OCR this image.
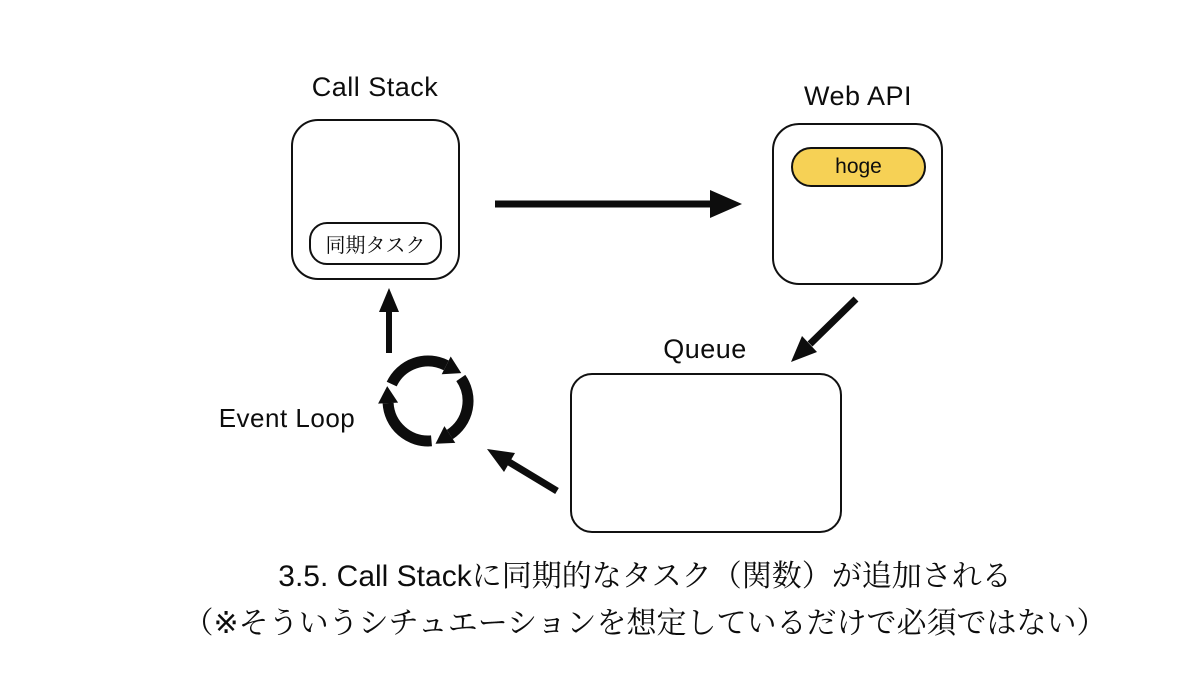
Call Stack	Web API
Queue
Event Loop
同期タスク
hoge
3.5. Call Stackに同期的なタスク（関数）が追加される
（※そういうシチュエーションを想定しているだけで必須ではない）
